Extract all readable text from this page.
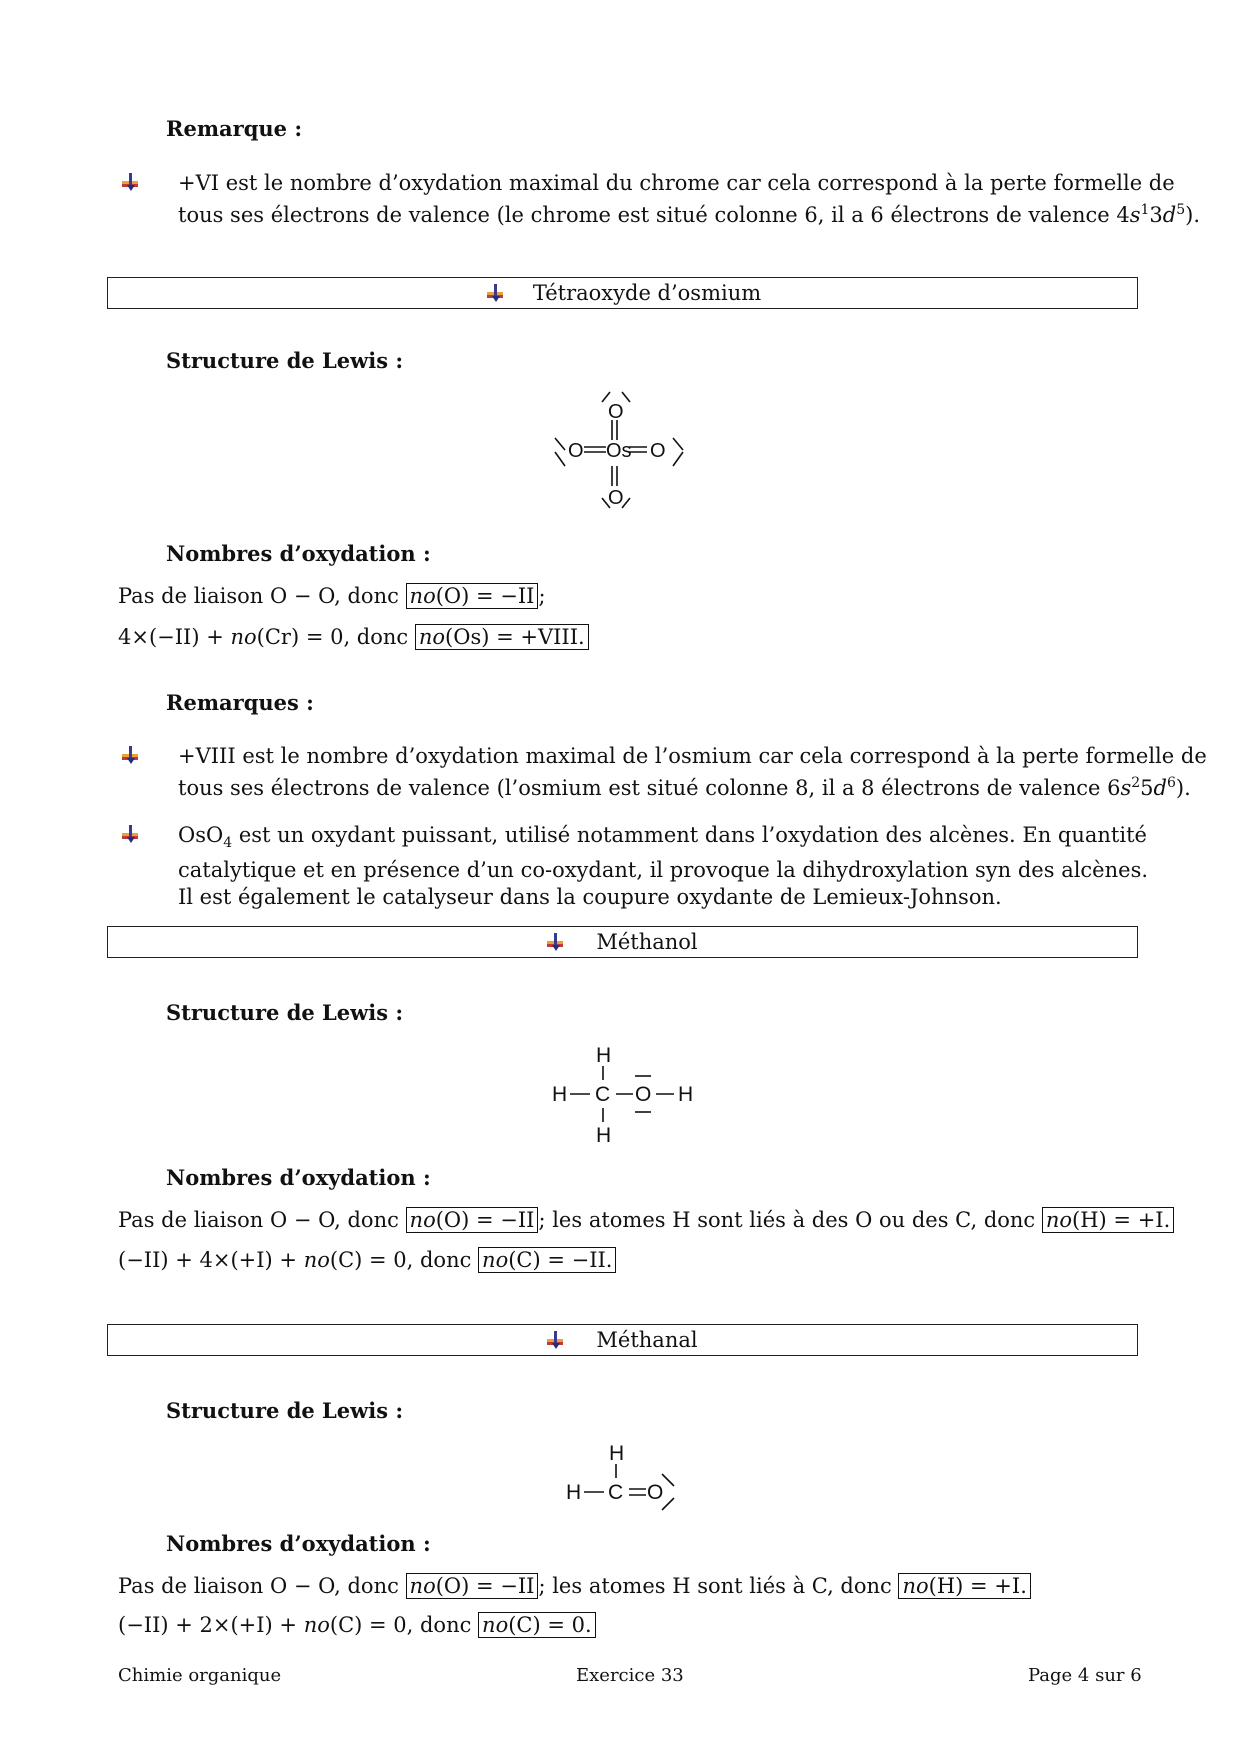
Remarque :
+VI est le nombre d’oxydation maximal du chrome car cela correspond à la perte formelle de
tous ses électrons de valence (le chrome est situé colonne 6, il a 6 électrons de valence $4s^13d^5$).
Tétraoxyde d’osmium
Structure de Lewis :
O
O Os O
O
Nombres d’oxydation :
Pas de liaison O − O, donc no(O) = −II ;
4×(−II) + no(Cr) = 0, donc no(Os) = +VIII.
Remarques :
+VIII est le nombre d’oxydation maximal de l’osmium car cela correspond à la perte formelle de
tous ses électrons de valence (l’osmium est situé colonne 8, il a 8 électrons de valence $6s^25d^6$).
OsO$_4$ est un oxydant puissant, utilisé notamment dans l’oxydation des alcènes. En quantité
catalytique et en présence d’un co-oxydant, il provoque la dihydroxylation syn des alcènes.
Il est également le catalyseur dans la coupure oxydante de Lemieux-Johnson.
Méthanol
Structure de Lewis :
H
H C O H
H
Nombres d’oxydation :
Pas de liaison O − O, donc no(O) = −II ; les atomes H sont liés à des O ou des C, donc no(H) = +I.
(−II) + 4×(+I) + no(C) = 0, donc no(C) = −II.
Méthanal
Structure de Lewis :
H
H C O
Nombres d’oxydation :
Pas de liaison O − O, donc no(O) = −II ; les atomes H sont liés à C, donc no(H) = +I.
(−II) + 2×(+I) + no(C) = 0, donc no(C) = 0.
Chimie organique	Exercice 33	Page 4 sur 6
